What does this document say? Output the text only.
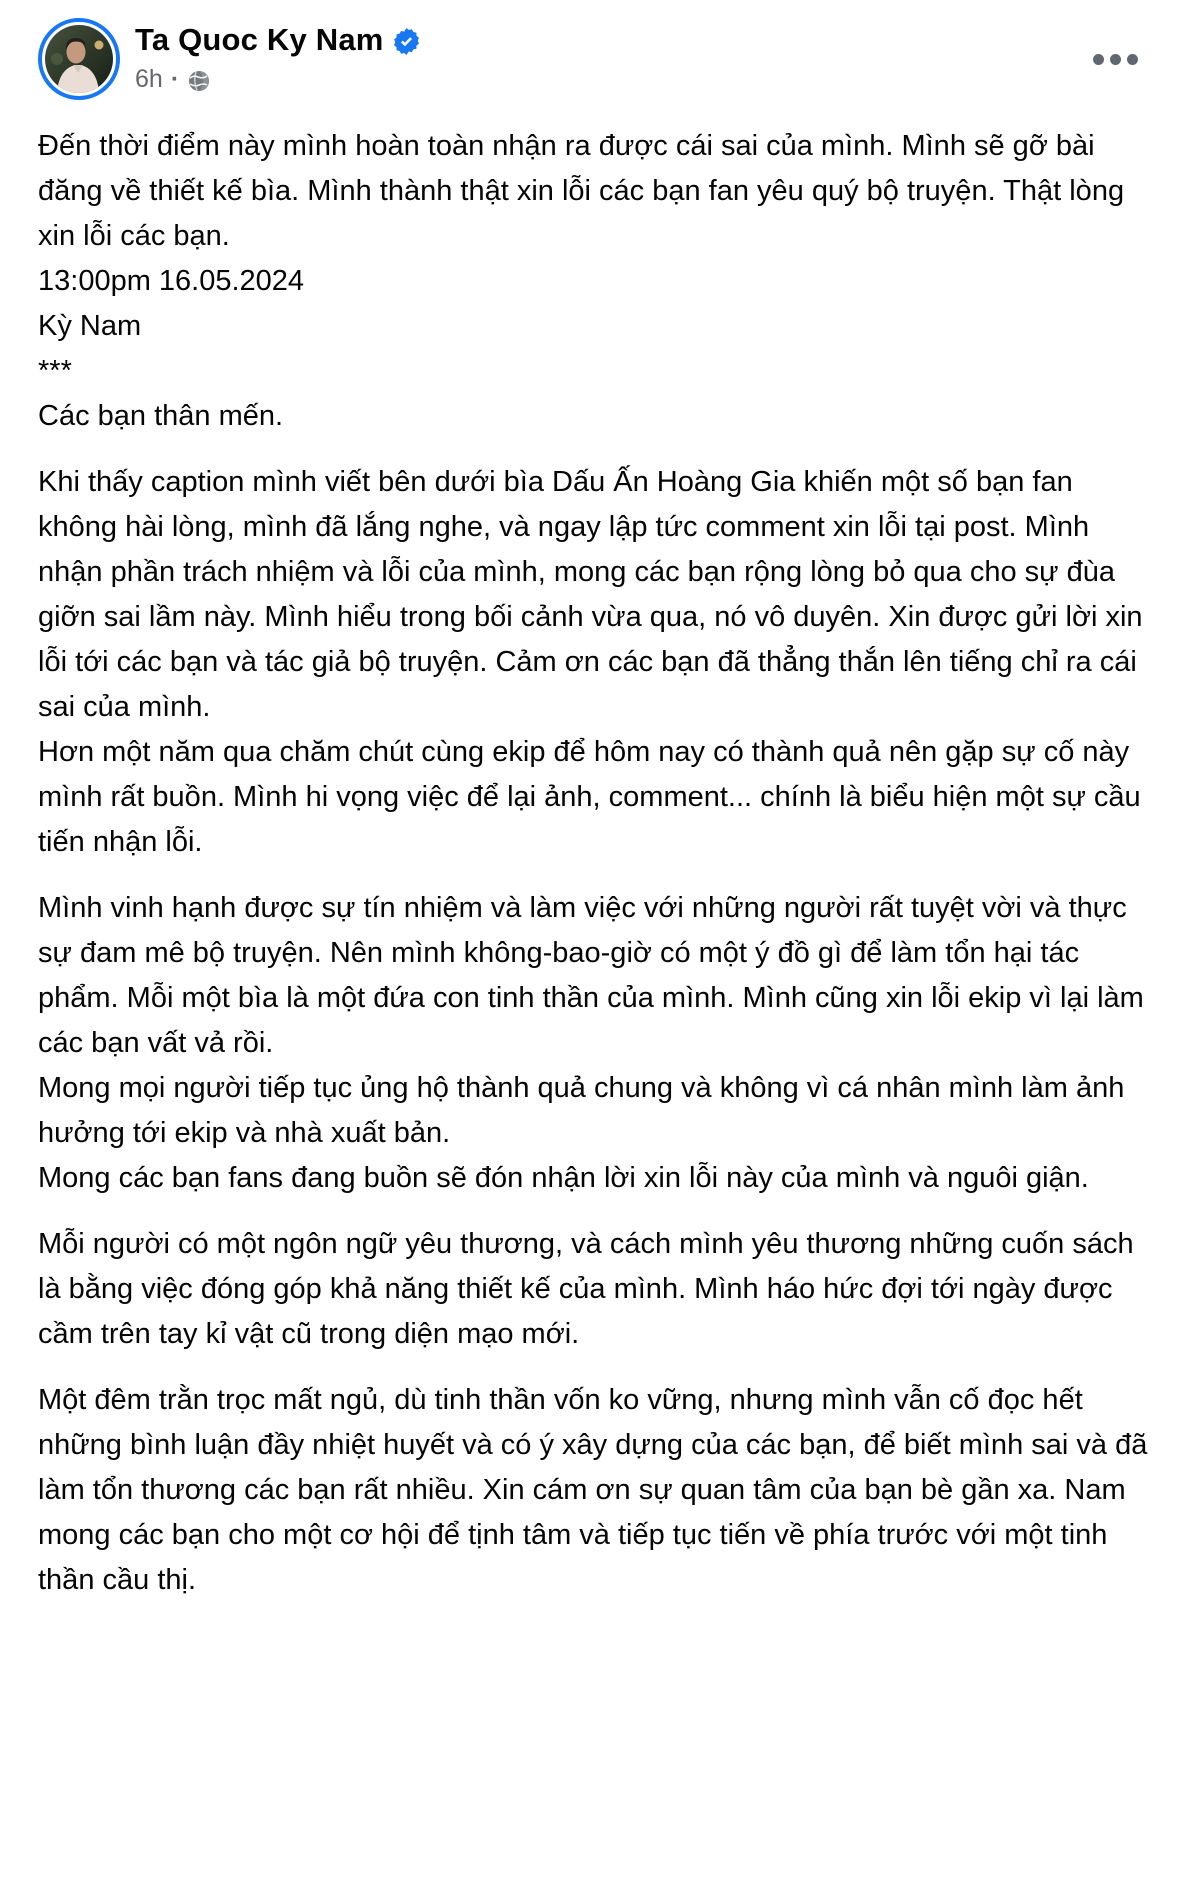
Ta Quoc Ky Nam
6h ·

Đến thời điểm này mình hoàn toàn nhận ra được cái sai của mình. Mình sẽ gỡ bài đăng về thiết kế bìa. Mình thành thật xin lỗi các bạn fan yêu quý bộ truyện. Thật lòng xin lỗi các bạn.
13:00pm 16.05.2024
Kỳ Nam
***
Các bạn thân mến.

Khi thấy caption mình viết bên dưới bìa Dấu Ấn Hoàng Gia khiến một số bạn fan không hài lòng, mình đã lắng nghe, và ngay lập tức comment xin lỗi tại post. Mình nhận phần trách nhiệm và lỗi của mình, mong các bạn rộng lòng bỏ qua cho sự đùa giỡn sai lầm này. Mình hiểu trong bối cảnh vừa qua, nó vô duyên. Xin được gửi lời xin lỗi tới các bạn và tác giả bộ truyện. Cảm ơn các bạn đã thẳng thắn lên tiếng chỉ ra cái sai của mình.
Hơn một năm qua chăm chút cùng ekip để hôm nay có thành quả nên gặp sự cố này mình rất buồn. Mình hi vọng việc để lại ảnh, comment... chính là biểu hiện một sự cầu tiến nhận lỗi.

Mình vinh hạnh được sự tín nhiệm và làm việc với những người rất tuyệt vời và thực sự đam mê bộ truyện. Nên mình không-bao-giờ có một ý đồ gì để làm tổn hại tác phẩm. Mỗi một bìa là một đứa con tinh thần của mình. Mình cũng xin lỗi ekip vì lại làm các bạn vất vả rồi.
Mong mọi người tiếp tục ủng hộ thành quả chung và không vì cá nhân mình làm ảnh hưởng tới ekip và nhà xuất bản.
Mong các bạn fans đang buồn sẽ đón nhận lời xin lỗi này của mình và nguôi giận.

Mỗi người có một ngôn ngữ yêu thương, và cách mình yêu thương những cuốn sách là bằng việc đóng góp khả năng thiết kế của mình. Mình háo hức đợi tới ngày được cầm trên tay kỉ vật cũ trong diện mạo mới.

Một đêm trằn trọc mất ngủ, dù tinh thần vốn ko vững, nhưng mình vẫn cố đọc hết những bình luận đầy nhiệt huyết và có ý xây dựng của các bạn, để biết mình sai và đã làm tổn thương các bạn rất nhiều. Xin cám ơn sự quan tâm của bạn bè gần xa. Nam mong các bạn cho một cơ hội để tịnh tâm và tiếp tục tiến về phía trước với một tinh thần cầu thị.
